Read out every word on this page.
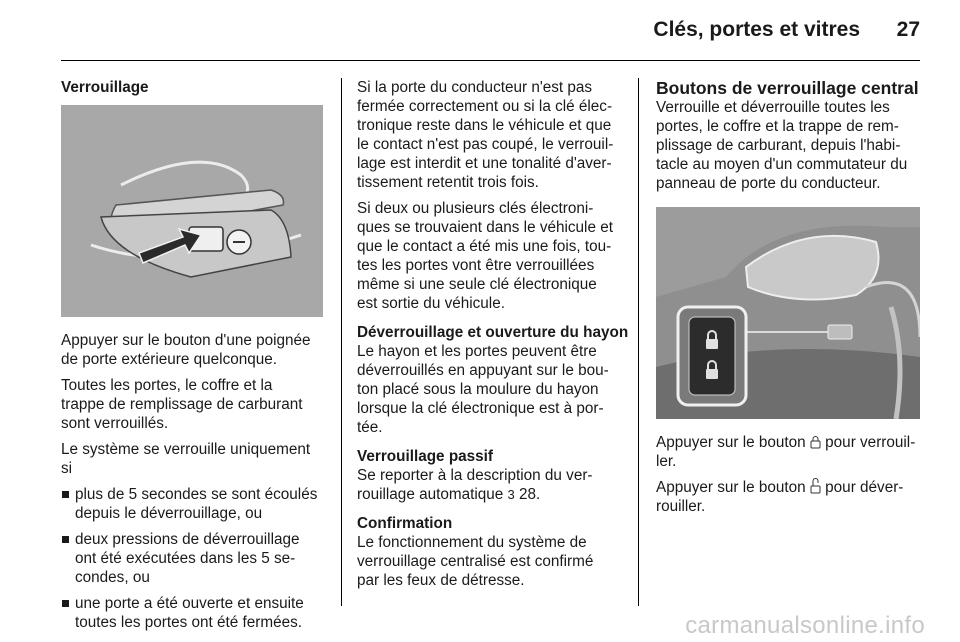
Clés, portes et vitres	27
Verrouillage

Appuyer sur le bouton d'une poignée
de porte extérieure quelconque.

Toutes les portes, le coffre et la
trappe de remplissage de carburant
sont verrouillés.

Le système se verrouille uniquement
si

plus de 5 secondes se sont écoulés
depuis le déverrouillage, ou
deux pressions de déverrouillage
ont été exécutées dans les 5 se-
condes, ou
une porte a été ouverte et ensuite
toutes les portes ont été fermées.

Si la porte du conducteur n'est pas
fermée correctement ou si la clé élec-
tronique reste dans le véhicule et que
le contact n'est pas coupé, le verrouil-
lage est interdit et une tonalité d'aver-
tissement retentit trois fois.

Si deux ou plusieurs clés électroni-
ques se trouvaient dans le véhicule et
que le contact a été mis une fois, tou-
tes les portes vont être verrouillées
même si une seule clé électronique
est sortie du véhicule.

Déverrouillage et ouverture du hayon
Le hayon et les portes peuvent être
déverrouillés en appuyant sur le bou-
ton placé sous la moulure du hayon
lorsque la clé électronique est à por-
tée.

Verrouillage passif
Se reporter à la description du ver-
rouillage automatique 3 28.

Confirmation
Le fonctionnement du système de
verrouillage centralisé est confirmé
par les feux de détresse.

Boutons de verrouillage central

Verrouille et déverrouille toutes les
portes, le coffre et la trappe de rem-
plissage de carburant, depuis l'habi-
tacle au moyen d'un commutateur du
panneau de porte du conducteur.

Appuyer sur le bouton pour verrouil-
ler.

Appuyer sur le bouton pour déver-
rouiller.

carmanualsonline.info
